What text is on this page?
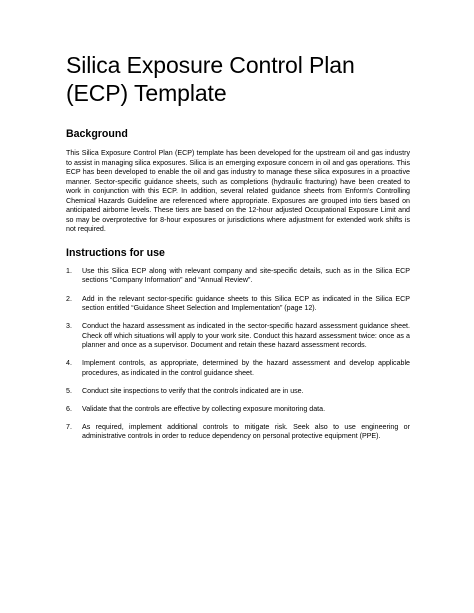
Silica Exposure Control Plan
(ECP) Template
Background

This Silica Exposure Control Plan (ECP) template has been developed for the upstream oil and gas industry to assist in managing silica exposures. Silica is an emerging exposure concern in oil and gas operations. This ECP has been developed to enable the oil and gas industry to manage these silica exposures in a proactive manner. Sector-specific guidance sheets, such as completions (hydraulic fracturing) have been created to work in conjunction with this ECP. In addition, several related guidance sheets from Enform's Controlling Chemical Hazards Guideline are referenced where appropriate. Exposures are grouped into tiers based on anticipated airborne levels. These tiers are based on the 12-hour adjusted Occupational Exposure Limit and so may be overprotective for 8-hour exposures or jurisdictions where adjustment for extended work shifts is not required.

Instructions for use
1.	Use this Silica ECP along with relevant company and site-specific details, such as in the Silica ECP sections “Company Information” and “Annual Review”.
2.	Add in the relevant sector-specific guidance sheets to this Silica ECP as indicated in the Silica ECP section entitled “Guidance Sheet Selection and Implementation” (page 12).
3.	Conduct the hazard assessment as indicated in the sector-specific hazard assessment guidance sheet. Check off which situations will apply to your work site. Conduct this hazard assessment twice: once as a planner and once as a supervisor. Document and retain these hazard assessment records.
4.	Implement controls, as appropriate, determined by the hazard assessment and develop applicable procedures, as indicated in the control guidance sheet.
5.	Conduct site inspections to verify that the controls indicated are in use.
6.	Validate that the controls are effective by collecting exposure monitoring data.
7.	As required, implement additional controls to mitigate risk. Seek also to use engineering or administrative controls in order to reduce dependency on personal protective equipment (PPE).
